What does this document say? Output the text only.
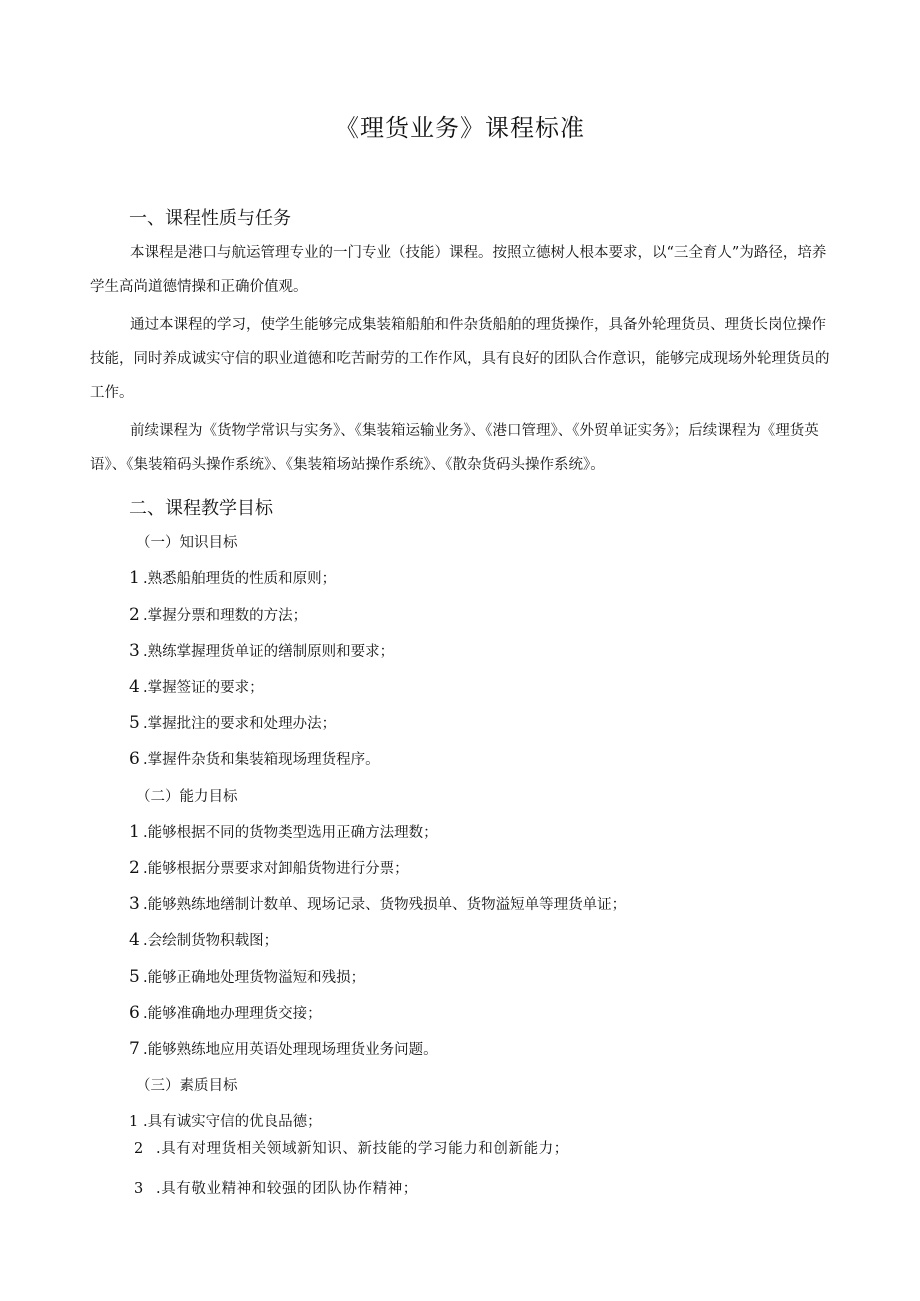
《理货业务》课程标准
一、课程性质与任务

本课程是港口与航运管理专业的一门专业（技能）课程。按照立德树人根本要求，以“三全育人”为路径，培养学生高尚道德情操和正确价值观。

通过本课程的学习，使学生能够完成集装箱船舶和件杂货船舶的理货操作，具备外轮理货员、理货长岗位操作技能，同时养成诚实守信的职业道德和吃苦耐劳的工作作风，具有良好的团队合作意识，能够完成现场外轮理货员的工作。

前续课程为《货物学常识与实务》、《集装箱运输业务》、《港口管理》、《外贸单证实务》；后续课程为《理货英语》、《集装箱码头操作系统》、《集装箱场站操作系统》、《散杂货码头操作系统》。

二、课程教学目标
（一）知识目标

1 .熟悉船舶理货的性质和原则；

2 .掌握分票和理数的方法；

3 .熟练掌握理货单证的缮制原则和要求；

4 .掌握签证的要求；

5 .掌握批注的要求和处理办法；

6 .掌握件杂货和集装箱现场理货程序。

（二）能力目标

1 .能够根据不同的货物类型选用正确方法理数；

2 .能够根据分票要求对卸船货物进行分票；

3 .能够熟练地缮制计数单、现场记录、货物残损单、货物溢短单等理货单证；

4 .会绘制货物积载图；

5 .能够正确地处理货物溢短和残损；

6 .能够准确地办理理货交接；

7 .能够熟练地应用英语处理现场理货业务问题。

（三）素质目标

1 .具有诚实守信的优良品德；

2 .具有对理货相关领域新知识、新技能的学习能力和创新能力；

3 .具有敬业精神和较强的团队协作精神；
